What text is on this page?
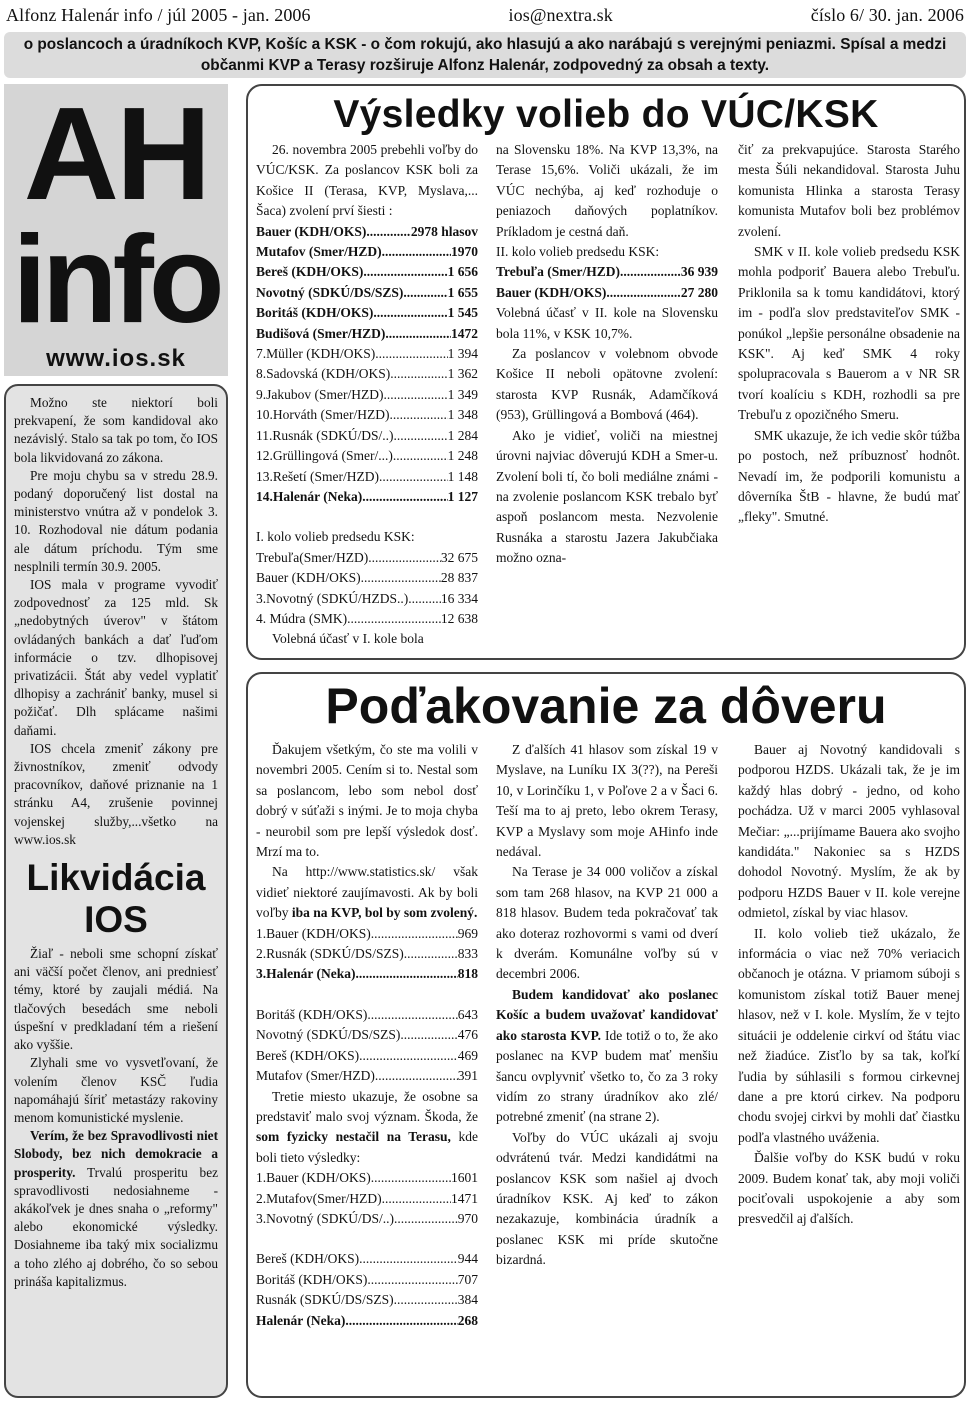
Alfonz Halenár info / júl 2005 - jan. 2006	ios@nextra.sk	číslo 6/ 30. jan. 2006
o poslancoch a úradníkoch KVP, Košíc a KSK - o čom rokujú, ako hlasujú a ako narábajú s verejnými peniazmi. Spísal a medzi občanmi KVP a Terasy rozširuje Alfonz Halenár, zodpovedný za obsah a texty.
AH
info
www.ios.sk

Možno ste niektorí boli prekvapení, že som kandidoval ako nezávislý. Stalo sa tak po tom, čo IOS bola likvidovaná zo zákona.

Pre moju chybu sa v stredu 28.9. podaný doporučený list dostal na ministerstvo vnútra až v pondelok 3. 10. Rozhodoval nie dátum podania ale dátum príchodu. Tým sme nesplnili termín 30.9. 2005.

IOS mala v programe vyvodiť zodpovednosť za 125 mld. Sk „nedobytných úverov" v štátom ovládaných bankách a dať ľuďom informácie o tzv. dlhopisovej privatizácii. Štát aby vedel vyplatiť dlhopisy a zachrániť banky, musel si požičať. Dlh splácame našimi daňami.

IOS chcela zmeniť zákony pre živnostníkov, zmeniť odvody pracovníkov, daňové priznanie na 1 stránku A4, zrušenie povinnej vojenskej služby,...všetko na www.ios.sk

Likvidácia
IOS

Žiaľ - neboli sme schopní získať ani väčší počet členov, ani predniesť témy, ktoré by zaujali médiá. Na tlačových besedách sme neboli úspešní v predkladaní tém a riešení ako vyššie.

Zlyhali sme vo vysvetľovaní, že volením členov KSČ ľudia napomáhajú šíriť metastázy rakoviny menom komunistické myslenie.

Verím, že bez Spravodlivosti niet Slobody, bez nich demokracie a prosperity. Trvalú prosperitu bez spravodlivosti nedosiahneme - akákoľvek je dnes snaha o „reformy" alebo ekonomické výsledky. Dosiahneme iba taký mix socializmu a toho zlého aj dobrého, čo so sebou prináša kapitalizmus.

Výsledky volieb do VÚC/KSK

26. novembra 2005 prebehli voľby do VÚC/KSK. Za poslancov KSK boli za Košice II (Terasa, KVP, Myslava,... Šaca) zvolení prví šiesti :

Bauer (KDH/OKS) .....	2978 hlasov
Mutafov (Smer/HZD) .....	1970
Bereš (KDH/OKS) .....	1 656
Novotný (SDKÚ/DS/SZS) .....	1 655
Boritáš (KDH/OKS) .....	1 545
Budišová (Smer/HZD) .....	1472
7.Müller (KDH/OKS) .....	1 394
8.Sadovská (KDH/OKS) .....	1 362
9.Jakubov (Smer/HZD) .....	1 349
10.Horváth (Smer/HZD) .....	1 348
11.Rusnák (SDKÚ/DS/..) .....	1 284
12.Grüllingová (Smer/...) .....	1 248
13.Rešetí (Smer/HZD) .....	1 148
14.Halenár (Neka) .....	1 127
I. kolo volieb predsedu KSK:
Trebuľa(Smer/HZD) .....	32 675
Bauer (KDH/OKS) .....	28 837
3.Novotný (SDKÚ/HZDS..) ..... 16 334
4. Múdra (SMK) .....	12 638

Volebná účasť v I. kole bola

na Slovensku 18%. Na KVP 13,3%, na Terase 15,6%. Voliči ukázali, že im VÚC nechýba, aj keď rozhoduje o peniazoch daňových poplatníkov. Príkladom je cestná daň.

II. kolo volieb predsedu KSK:
Trebuľa (Smer/HZD) .....	36 939
Bauer (KDH/OKS) .....	27 280

Volebná účasť v II. kole na Slovensku bola 11%, v KSK 10,7%.

Za poslancov v volebnom obvode Košice II neboli opätovne zvolení: starosta KVP Rusnák, Adamčíková (953), Grüllingová a Bombová (464).

Ako je vidieť, voliči na miestnej úrovni najviac dôverujú KDH a Smer-u. Zvolení boli tí, čo boli mediálne známi - na zvolenie poslancom KSK trebalo byť aspoň poslancom mesta. Nezvolenie Rusnáka a starostu Jazera Jakubčiaka možno ozna-

čiť za prekvapujúce. Starosta Starého mesta Šúli nekandidoval. Starosta Juhu komunista Hlinka a starosta Terasy komunista Mutafov boli bez problémov zvolení.

SMK v II. kole volieb predsedu KSK mohla podporiť Bauera alebo Trebuľu. Priklonila sa k tomu kandidátovi, ktorý im - podľa slov predstaviteľov SMK - ponúkol „lepšie personálne obsadenie na KSK". Aj keď SMK 4 roky spolupracovala s Bauerom a v NR SR tvorí koalíciu s KDH, rozhodli sa pre Trebuľu z opozičného Smeru.

SMK ukazuje, že ich vedie skôr túžba po postoch, než príbuznosť hodnôt. Nevadí im, že podporili komunistu a dôverníka ŠtB - hlavne, že budú mať „fleky". Smutné.

Poďakovanie za dôveru

Ďakujem všetkým, čo ste ma volili v novembri 2005. Cením si to. Nestal som sa poslancom, lebo som nebol dosť dobrý v súťaži s inými. Je to moja chyba - neurobil som pre lepší výsledok dosť. Mrzí ma to.

Na http://www.statistics.sk/ však vidieť niektoré zaujímavosti. Ak by boli voľby iba na KVP, bol by som zvolený.

1.Bauer (KDH/OKS) .....	969
2.Rusnák (SDKÚ/DS/SZS) .....	833
3.Halenár (Neka) .....	818
Boritáš (KDH/OKS) .....	643
Novotný (SDKÚ/DS/SZS) .....	476
Bereš (KDH/OKS) .....	469
Mutafov (Smer/HZD) .....	391

Tretie miesto ukazuje, že osobne sa predstaviť malo svoj význam. Škoda, že som fyzicky nestačil na Terasu, kde boli tieto výsledky:

1.Bauer (KDH/OKS) .....	1601
2.Mutafov(Smer/HZD) .....	1471
3.Novotný (SDKÚ/DS/..) .....	970
Bereš (KDH/OKS) .....	944
Boritáš (KDH/OKS) .....	707
Rusnák (SDKÚ/DS/SZS) .....	384
Halenár (Neka) .....	268

Z ďalších 41 hlasov som získal 19 v Myslave, na Luníku IX 3(??), na Pereši 10, v Lorinčíku 1, v Poľove 2 a v Šaci 6. Teší ma to aj preto, lebo okrem Terasy, KVP a Myslavy som moje AHinfo inde nedával.

Na Terase je 34 000 voličov a získal som tam 268 hlasov, na KVP 21 000 a 818 hlasov. Budem teda pokračovať tak ako doteraz rozhovormi s vami od dverí k dverám. Komunálne voľby sú v decembri 2006.

Budem kandidovať ako poslanec Košíc a budem uvažovať kandidovať ako starosta KVP. Ide totiž o to, že ako poslanec na KVP budem mať menšiu šancu ovplyvniť všetko to, čo za 3 roky vidím zo strany úradníkov ako zlé/ potrebné zmeniť (na strane 2).

Voľby do VÚC ukázali aj svoju odvrátenú tvár. Medzi kandidátmi na poslancov KSK som našiel aj dvoch úradníkov KSK. Aj keď to zákon nezakazuje, kombinácia úradník a poslanec KSK mi príde skutočne bizardná.

Bauer aj Novotný kandidovali s podporou HZDS. Ukázali tak, že je im každý hlas dobrý - jedno, od koho pochádza. Už v marci 2005 vyhlasoval Mečiar: „...prijímame Bauera ako svojho kandidáta." Nakoniec sa s HZDS dohodol Novotný. Myslím, že ak by podporu HZDS Bauer v II. kole verejne odmietol, získal by viac hlasov.

II. kolo volieb tiež ukázalo, že informácia o viac než 70% veriacich občanoch je otázna. V priamom súboji s komunistom získal totiž Bauer menej hlasov, než v I. kole. Myslím, že v tejto situácii je oddelenie cirkví od štátu viac než žiadúce. Zisťlo by sa tak, koľkí ľudia by súhlasili s formou cirkevnej dane a pre ktorú cirkev. Na podporu chodu svojej cirkvi by mohli dať čiastku podľa vlastného uváženia.

Ďalšie voľby do KSK budú v roku 2009. Budem konať tak, aby moji voliči pociťovali uspokojenie a aby som presvedčil aj ďalších.
